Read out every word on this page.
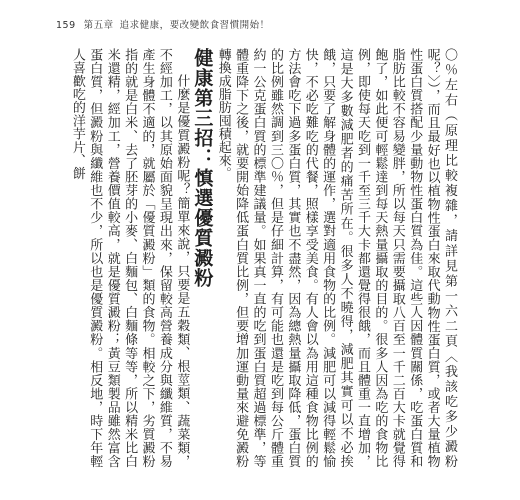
159 第五章 追求健康，要改變飲食習慣開始！

〇％左右（原理比較複雜，請詳見第一六二頁〈我該吃多少澱粉呢？〉），而且最好也以植物性蛋白來取代動物性蛋白質，或者大量植物性蛋白質搭配少量動物性蛋白質為佳。這些人因體質關係，吃蛋白質和脂肪比較不容易變胖，所以每天只需要攝取八百至一千二百大卡就覺得飽了，如此便可輕鬆達到每天熱量攝取的目的。很多人因為吃的食物比例，即使每天吃到一千至三千大卡都還覺得很餓，而且體重一直增加，這是大多數減肥者的痛苦所在。很多人不曉得，減肥其實可以不必挨餓，只要了解身體的運作，選對適用食物的比例。減肥可以減得輕鬆愉快，不必吃難吃的代餐，照樣享受美食。有人會以為用這種食物比例的方法會吃下過多蛋白質，其實也不盡然，因為總熱量攝取降低，蛋白質的比例雖然調到三〇％，但是仔細計算，有可能也還是吃到每公斤體重約一公克蛋白質的標準建議量。如果真一直的吃到蛋白質超過標準，等體重降下之後，就要開始降低蛋白質比例，但要增加運動量來避免澱粉轉換成脂肪囤積起來。

健康第三招：慎選優質澱粉

什麼是優質澱粉呢？簡單來說，只要是五穀類、根莖類、蔬菜類，不經加工，以其原始面貌呈現出來，保留較高營養成分與纖維質，不易產生身體不適的，就屬於「優質澱粉」類的食物。相較之下，劣質澱粉指的就是白米、去了胚芽的小麥、白麵包、白麵條等等，所以精米比白米還精，經加工，營養價值較高，就是優質澱粉；黃豆類製品雖然富含蛋白質，但澱粉與纖維也不少，所以也是優質澱粉。相反地，時下年輕人喜歡吃的洋芋片、餅
